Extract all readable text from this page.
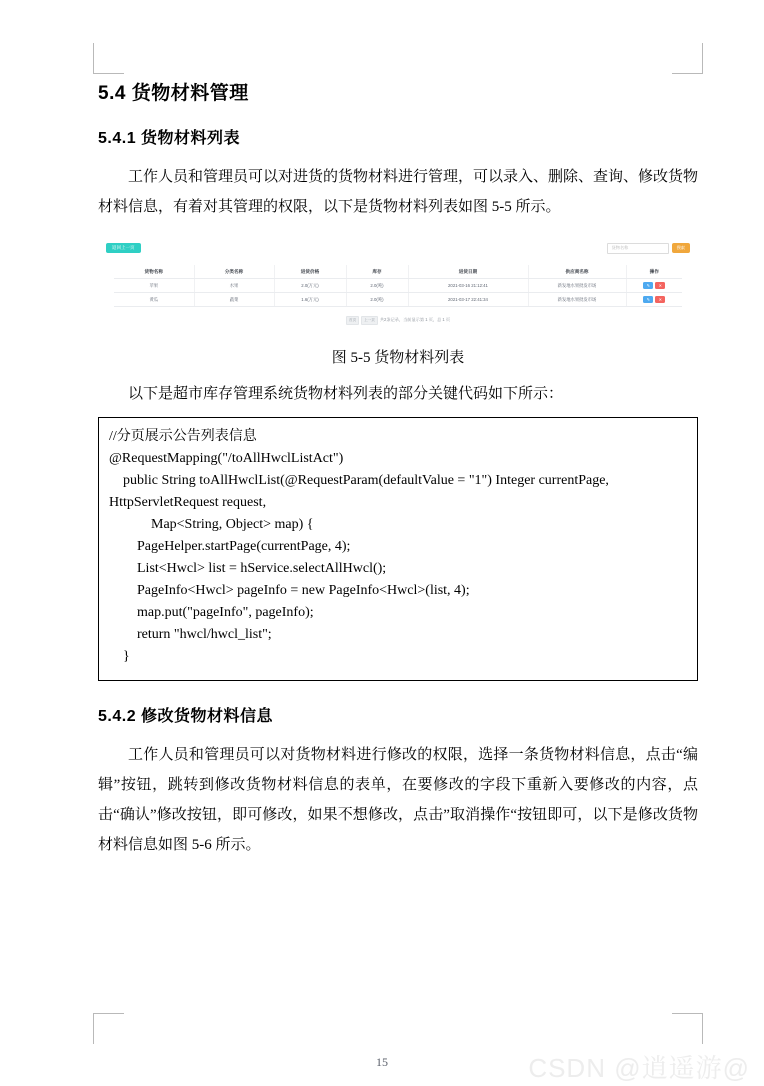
5.4 货物材料管理
5.4.1 货物材料列表

工作人员和管理员可以对进货的货物材料进行管理，可以录入、删除、查询、修改货物材料信息，有着对其管理的权限，以下是货物材料列表如图 5-5 所示。

返回上一页	货物名称	搜索
货物名称	分类名称	进货价格	库存	进货日期	供应商名称	操作
苹果	水果	2.0(万元)	2.0(吨)	2021-03-16 21:12:41	新发地水果批发市场	✎ ✕

黄瓜	蔬菜	1.6(万元)	2.0(吨)	2021-03-17 22:41:34	新发地水果批发市场	✎ ✕
首页 上一页 共2条记录，当前显示第 1 页，总 1 页
图 5-5 货物材料列表

以下是超市库存管理系统货物材料列表的部分关键代码如下所示：

//分页展示公告列表信息
@RequestMapping("/toAllHwclListAct")
public String toAllHwclList(@RequestParam(defaultValue = "1") Integer currentPage,
HttpServletRequest request,
Map<String, Object> map) {
PageHelper.startPage(currentPage, 4);
List<Hwcl> list = hService.selectAllHwcl();
PageInfo<Hwcl> pageInfo = new PageInfo<Hwcl>(list, 4);
map.put("pageInfo", pageInfo);
return "hwcl/hwcl_list";
}
5.4.2 修改货物材料信息

工作人员和管理员可以对货物材料进行修改的权限，选择一条货物材料信息，点击“编辑”按钮，跳转到修改货物材料信息的表单，在要修改的字段下重新入要修改的内容，点击“确认”修改按钮，即可修改，如果不想修改，点击”取消操作“按钮即可，以下是修改货物材料信息如图 5-6 所示。

15	CSDN @逍遥游@
